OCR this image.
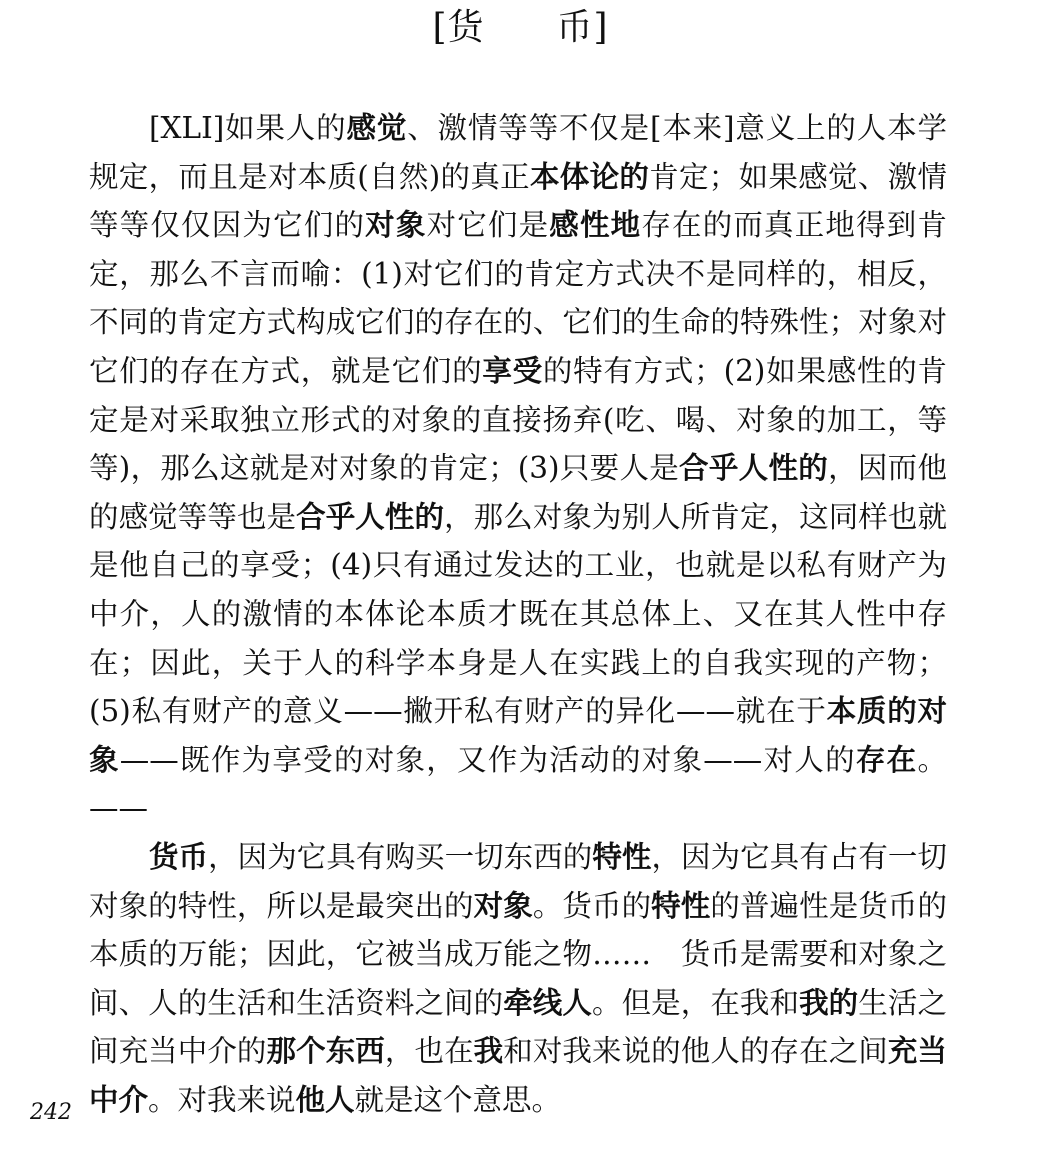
[货 币]

[XLI]如果人的感觉、激情等等不仅是[本来]意义上的人本学规定，而且是对本质(自然)的真正本体论的肯定；如果感觉、激情等等仅仅因为它们的对象对它们是感性地存在的而真正地得到肯定，那么不言而喻：(1)对它们的肯定方式决不是同样的，相反，不同的肯定方式构成它们的存在的、它们的生命的特殊性；对象对它们的存在方式，就是它们的享受的特有方式；(2)如果感性的肯定是对采取独立形式的对象的直接扬弃(吃、喝、对象的加工，等等)，那么这就是对对象的肯定；(3)只要人是合乎人性的，因而他的感觉等等也是合乎人性的，那么对象为别人所肯定，这同样也就是他自己的享受；(4)只有通过发达的工业，也就是以私有财产为中介，人的激情的本体论本质才既在其总体上、又在其人性中存在；因此，关于人的科学本身是人在实践上的自我实现的产物；(5)私有财产的意义——撇开私有财产的异化——就在于本质的对象——既作为享受的对象，又作为活动的对象——对人的存在。——

货币，因为它具有购买一切东西的特性，因为它具有占有一切对象的特性，所以是最突出的对象。货币的特性的普遍性是货币的本质的万能；因此，它被当成万能之物……　货币是需要和对象之间、人的生活和生活资料之间的牵线人。但是，在我和我的生活之间充当中介的那个东西，也在我和对我来说的他人的存在之间充当中介。对我来说他人就是这个意思。

242
